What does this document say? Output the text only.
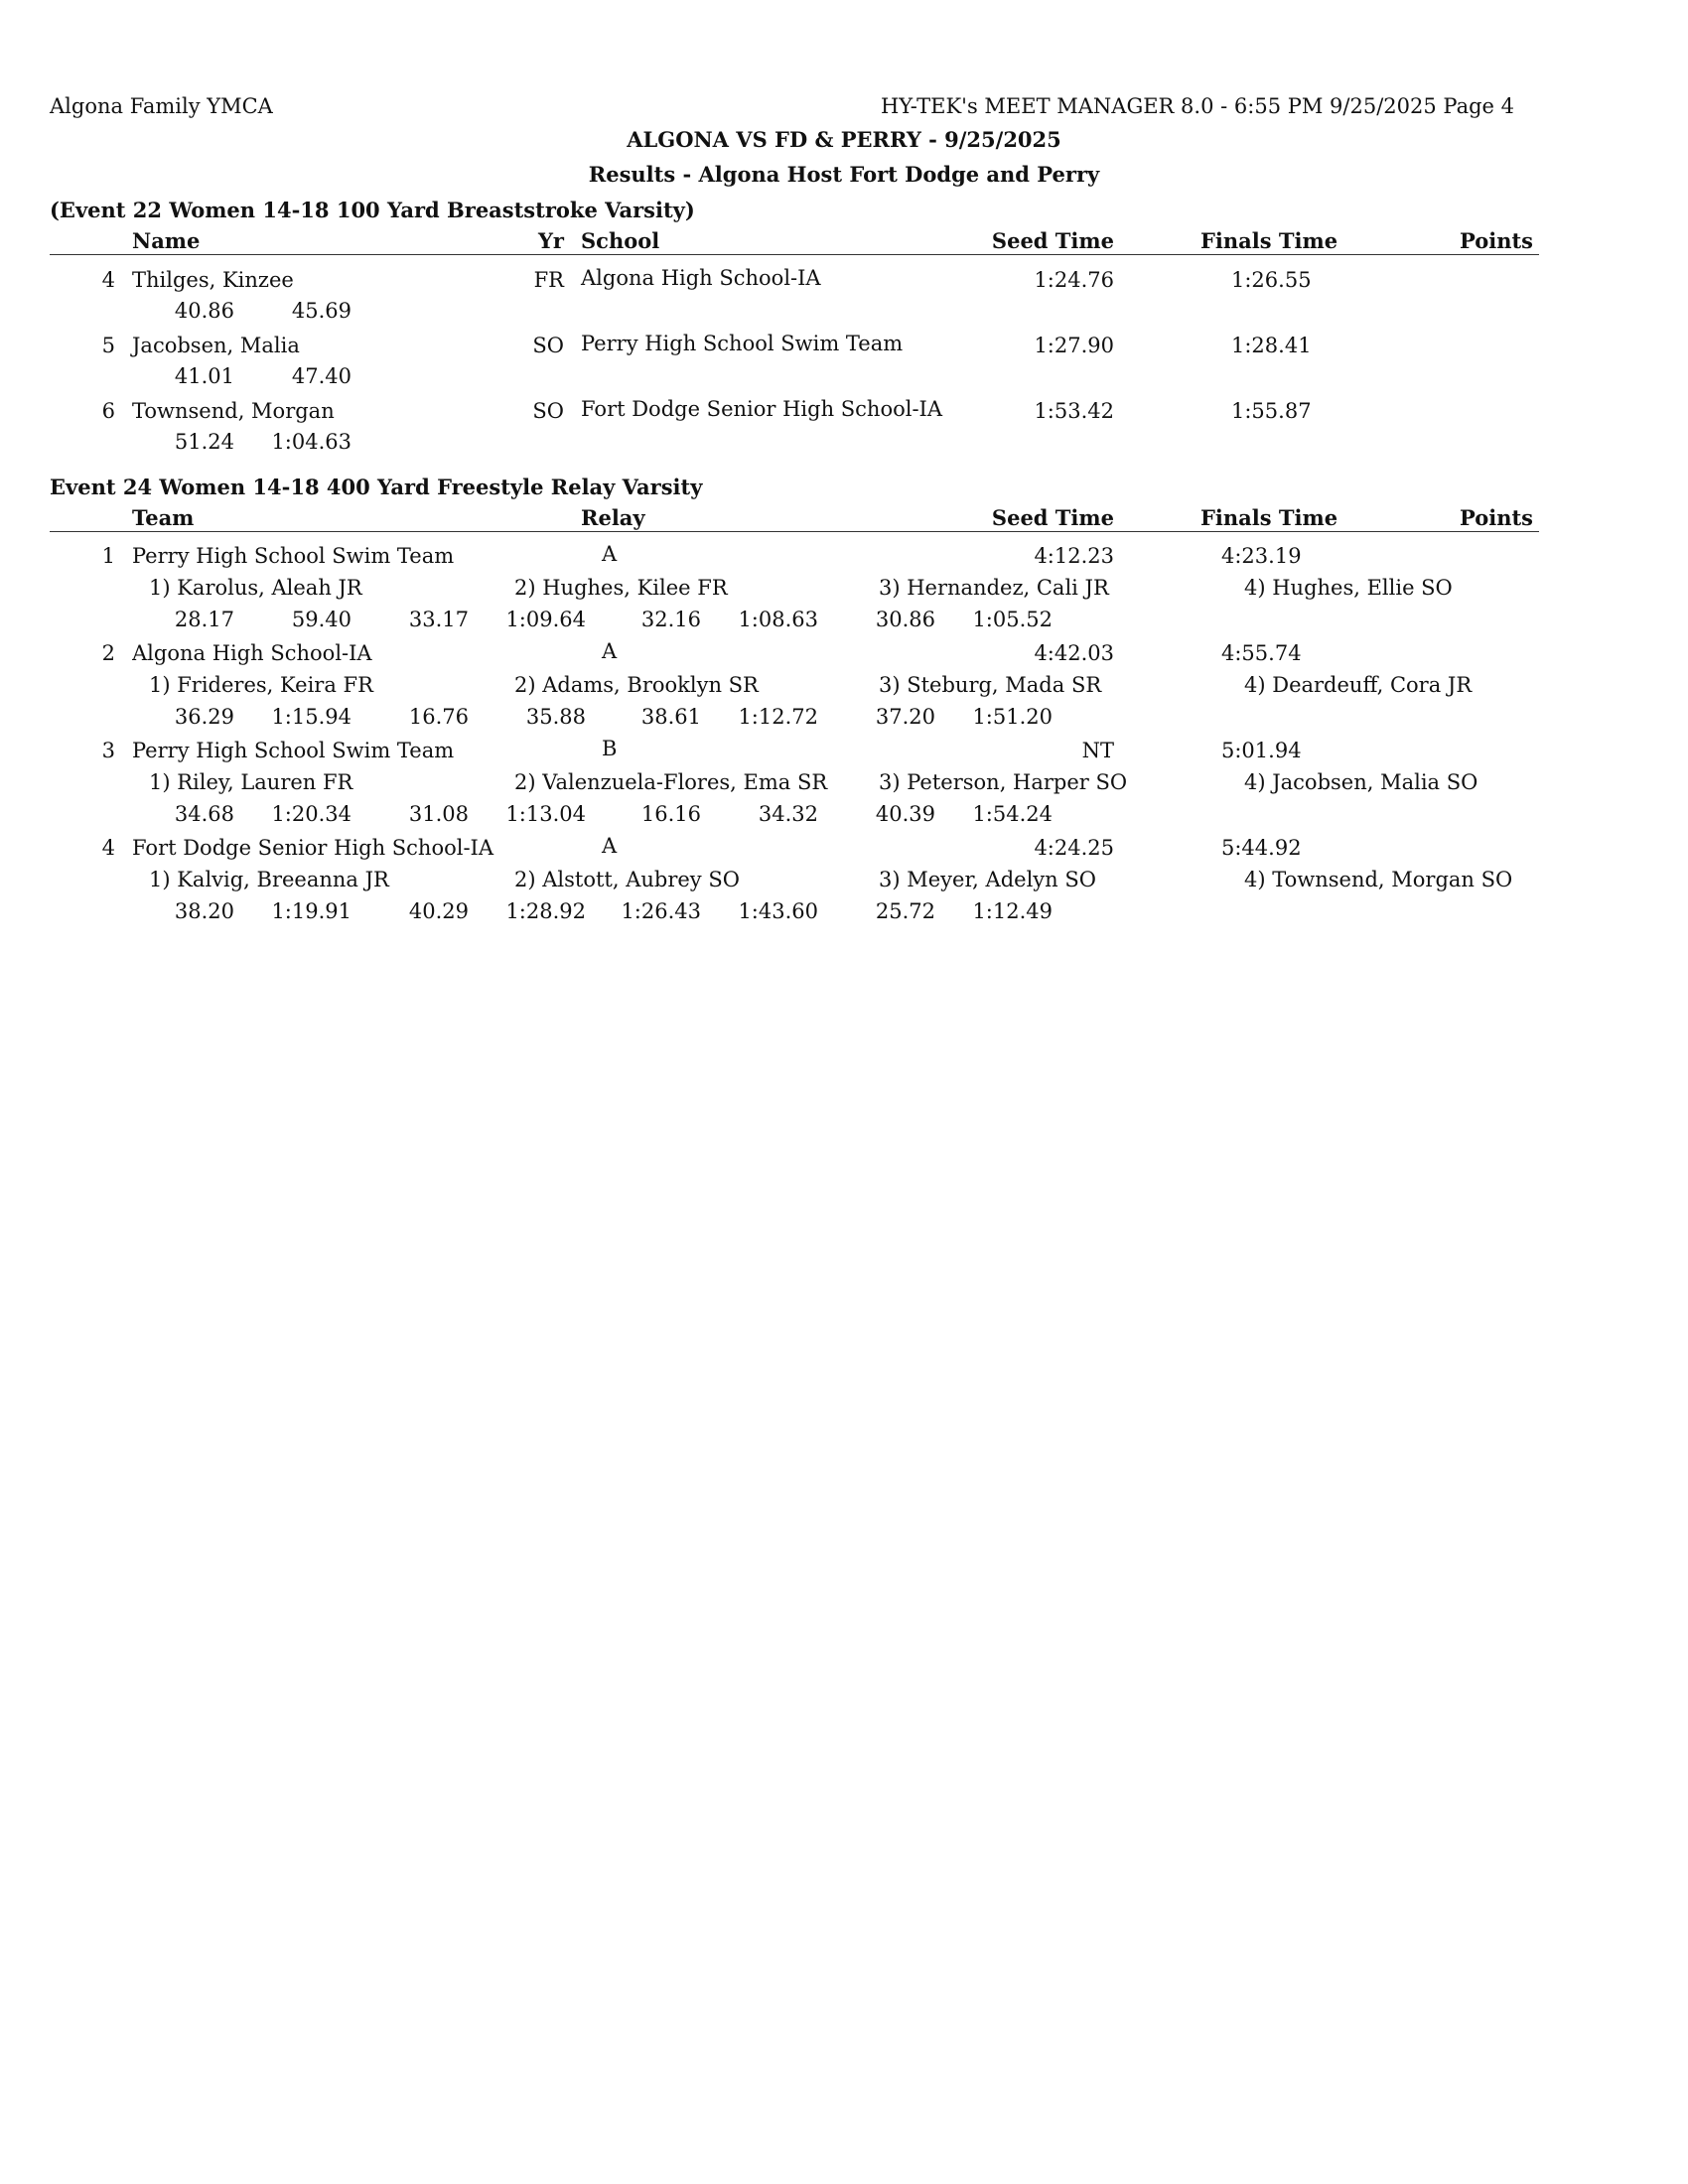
Algona Family YMCA	HY-TEK's MEET MANAGER 8.0 - 6:55 PM 9/25/2025 Page 4
ALGONA VS FD & PERRY - 9/25/2025
Results - Algona Host Fort Dodge and Perry
(Event 22 Women 14-18 100 Yard Breaststroke Varsity)
Name	Yr School	Seed Time	Finals Time	Points
4 Thilges, Kinzee	FR Algona High School-IA	1:24.76	1:26.55
40.86	45.69
5 Jacobsen, Malia	SO Perry High School Swim Team	1:27.90	1:28.41
41.01	47.40
6 Townsend, Morgan	SO Fort Dodge Senior High School-IA	1:53.42	1:55.87
51.24	1:04.63
Event 24 Women 14-18 400 Yard Freestyle Relay Varsity
Team	Relay	Seed Time	Finals Time	Points
1 Perry High School Swim Team	A	4:12.23	4:23.19
1) Karolus, Aleah JR	2) Hughes, Kilee FR	3) Hernandez, Cali JR	4) Hughes, Ellie SO
28.17	59.40	33.17	1:09.64	32.16	1:08.63	30.86	1:05.52
2 Algona High School-IA	A	4:42.03	4:55.74
1) Frideres, Keira FR	2) Adams, Brooklyn SR	3) Steburg, Mada SR	4) Deardeuff, Cora JR
36.29	1:15.94	16.76	35.88	38.61	1:12.72	37.20	1:51.20
3 Perry High School Swim Team	B	NT	5:01.94
1) Riley, Lauren FR	2) Valenzuela-Flores, Ema SR 3) Peterson, Harper SO	4) Jacobsen, Malia SO
34.68	1:20.34	31.08	1:13.04	16.16	34.32	40.39	1:54.24
4 Fort Dodge Senior High School-IA	A	4:24.25	5:44.92
1) Kalvig, Breeanna JR	2) Alstott, Aubrey SO	3) Meyer, Adelyn SO	4) Townsend, Morgan SO
38.20	1:19.91	40.29	1:28.92	1:26.43	1:43.60	25.72	1:12.49
